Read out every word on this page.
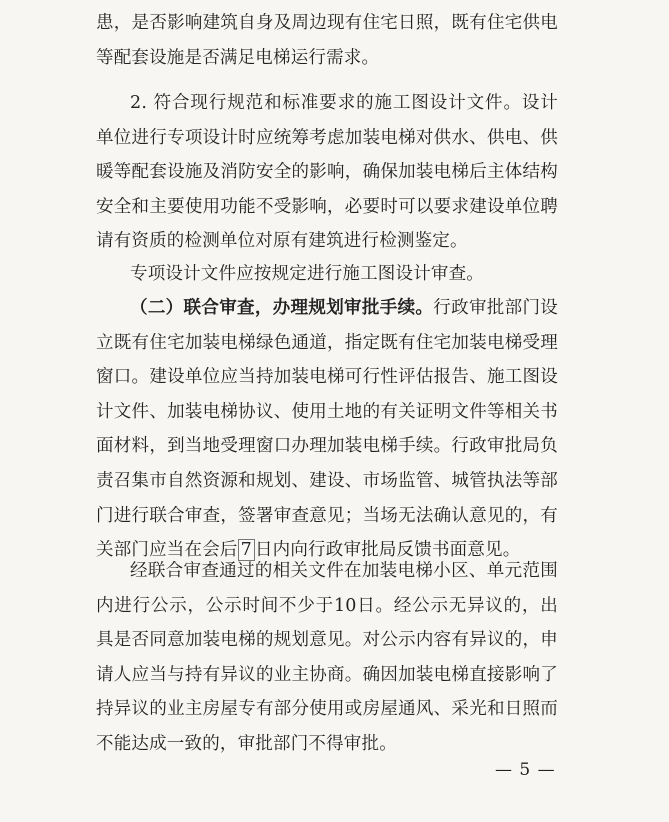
患，是否影响建筑自身及周边现有住宅日照，既有住宅供电等配套设施是否满足电梯运行需求。

2. 符合现行规范和标准要求的施工图设计文件。设计单位进行专项设计时应统筹考虑加装电梯对供水、供电、供暖等配套设施及消防安全的影响，确保加装电梯后主体结构安全和主要使用功能不受影响，必要时可以要求建设单位聘请有资质的检测单位对原有建筑进行检测鉴定。

专项设计文件应按规定进行施工图设计审查。

（二）联合审查，办理规划审批手续。行政审批部门设立既有住宅加装电梯绿色通道，指定既有住宅加装电梯受理窗口。建设单位应当持加装电梯可行性评估报告、施工图设计文件、加装电梯协议、使用土地的有关证明文件等相关书面材料，到当地受理窗口办理加装电梯手续。行政审批局负责召集市自然资源和规划、建设、市场监管、城管执法等部门进行联合审查，签署审查意见；当场无法确认意见的，有关部门应当在会后 7 日内向行政审批局反馈书面意见。

经联合审查通过的相关文件在加装电梯小区、单元范围内进行公示，公示时间不少于10日。经公示无异议的，出具是否同意加装电梯的规划意见。对公示内容有异议的，申请人应当与持有异议的业主协商。确因加装电梯直接影响了持异议的业主房屋专有部分使用或房屋通风、采光和日照而不能达成一致的，审批部门不得审批。

— 5 —
